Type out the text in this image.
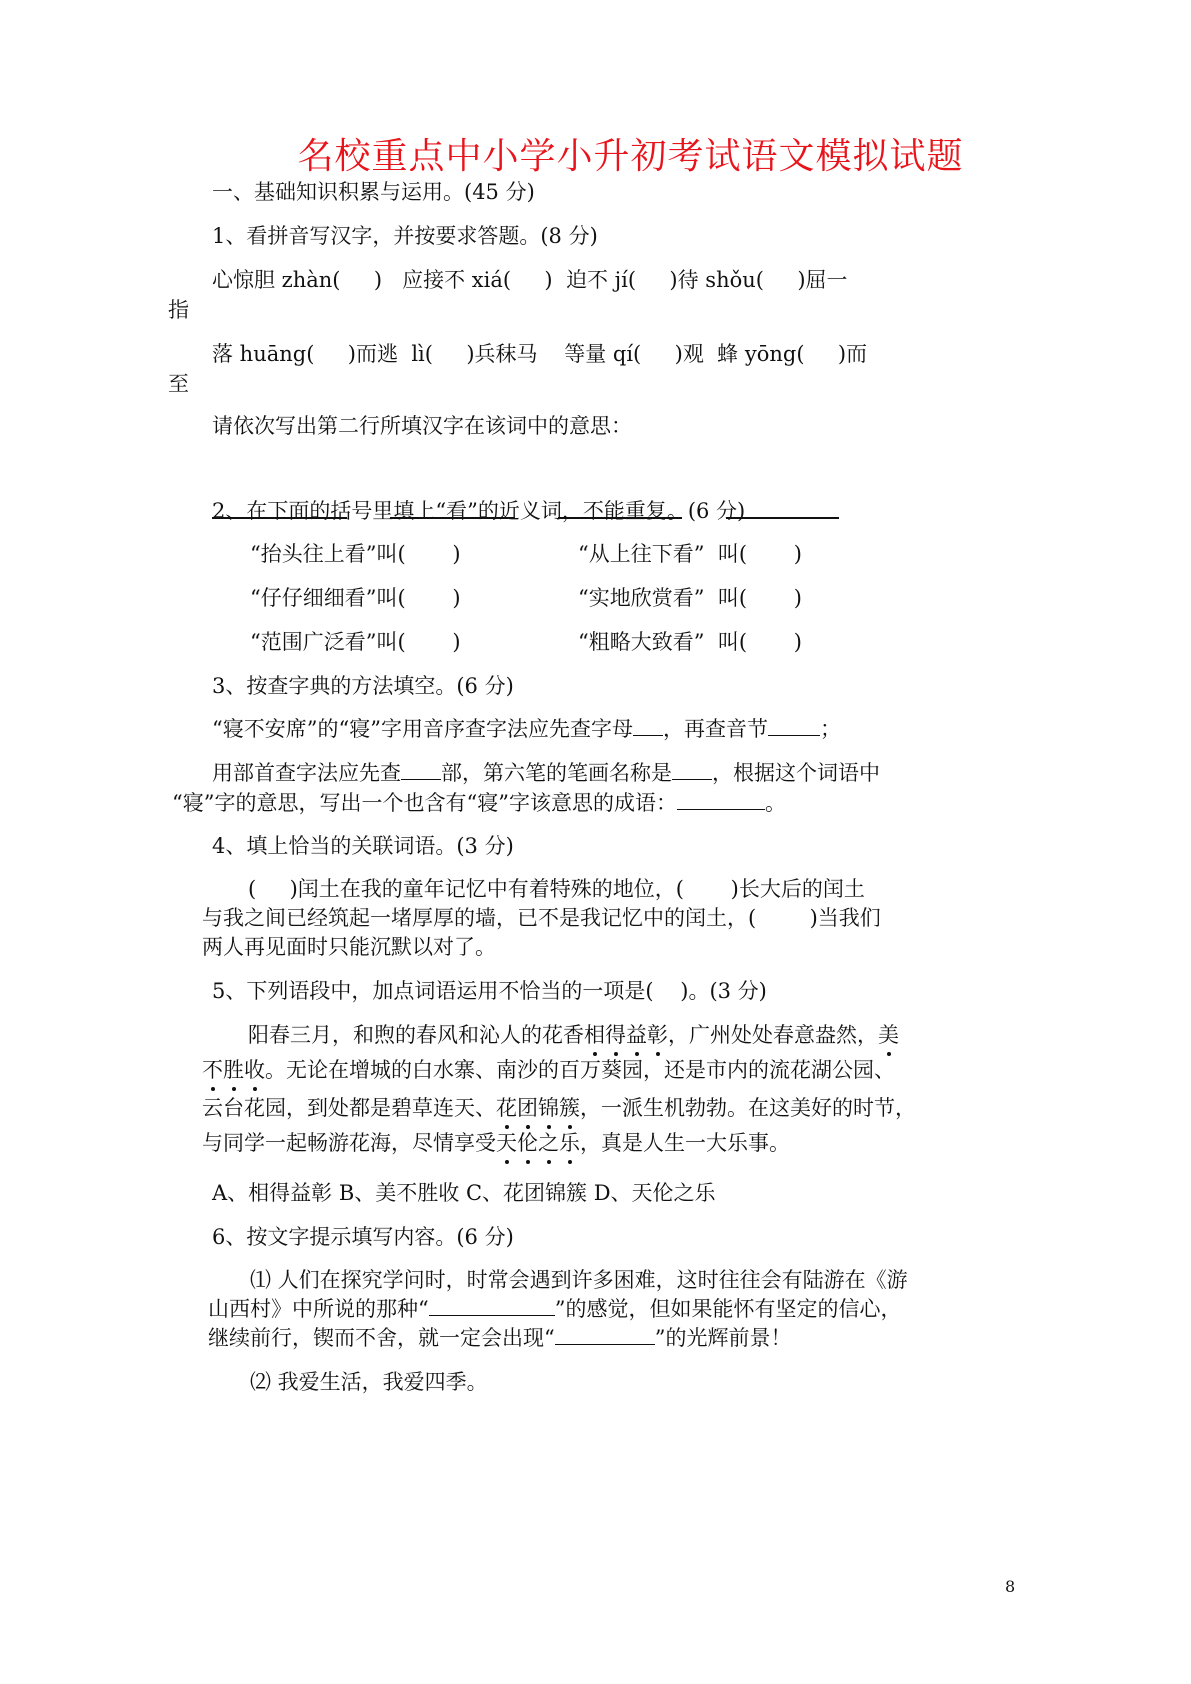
名校重点中小学小升初考试语文模拟试题
一、基础知识积累与运用。(45 分)
1、看拼音写汉字，并按要求答题。(8 分)
心惊胆 zhàn(     )   应接不 xiá(     )  迫不 jí(     )待 shǒu(     )屈一
指
落 huāng(     )而逃  lì(     )兵秣马    等量 qí(     )观  蜂 yōng(     )而
至
请依次写出第二行所填汉字在该词中的意思：
2、在下面的括号里填上“看”的近义词，不能重复。(6 分)
“抬头往上看”叫(       )	“从上往下看”  叫(       )
“仔仔细细看”叫(       )	“实地欣赏看”  叫(       )
“范围广泛看”叫(       )	“粗略大致看”  叫(       )
3、按查字典的方法填空。(6 分)
“寝不安席”的“寝”字用音序查字法应先查字母 ，再查音节 ；
用部首查字法应先查 部，第六笔的笔画名称是 ，根据这个词语中
“寝”字的意思，写出一个也含有“寝”字该意思的成语：	。
4、填上恰当的关联词语。(3 分)
(     )闰土在我的童年记忆中有着特殊的地位，(       )长大后的闰土
与我之间已经筑起一堵厚厚的墙，已不是我记忆中的闰土，(        )当我们
两人再见面时只能沉默以对了。
5、下列语段中，加点词语运用不恰当的一项是(    )。(3 分)
阳春三月，和煦的春风和沁人的花香相得益彰，广州处处春意盎然，美
不胜收。无论在增城的白水寨、南沙的百万葵园，还是市内的流花湖公园、
云台花园，到处都是碧草连天、花团锦簇，一派生机勃勃。在这美好的时节，
与同学一起畅游花海，尽情享受天伦之乐，真是人生一大乐事。
A、相得益彰 B、美不胜收 C、花团锦簇 D、天伦之乐
6、按文字提示填写内容。(6 分)
⑴ 人们在探究学问时，时常会遇到许多困难，这时往往会有陆游在《游
山西村》中所说的那种“	”的感觉，但如果能怀有坚定的信心，
继续前行，锲而不舍，就一定会出现“	”的光辉前景！
⑵ 我爱生活，我爱四季。
8
